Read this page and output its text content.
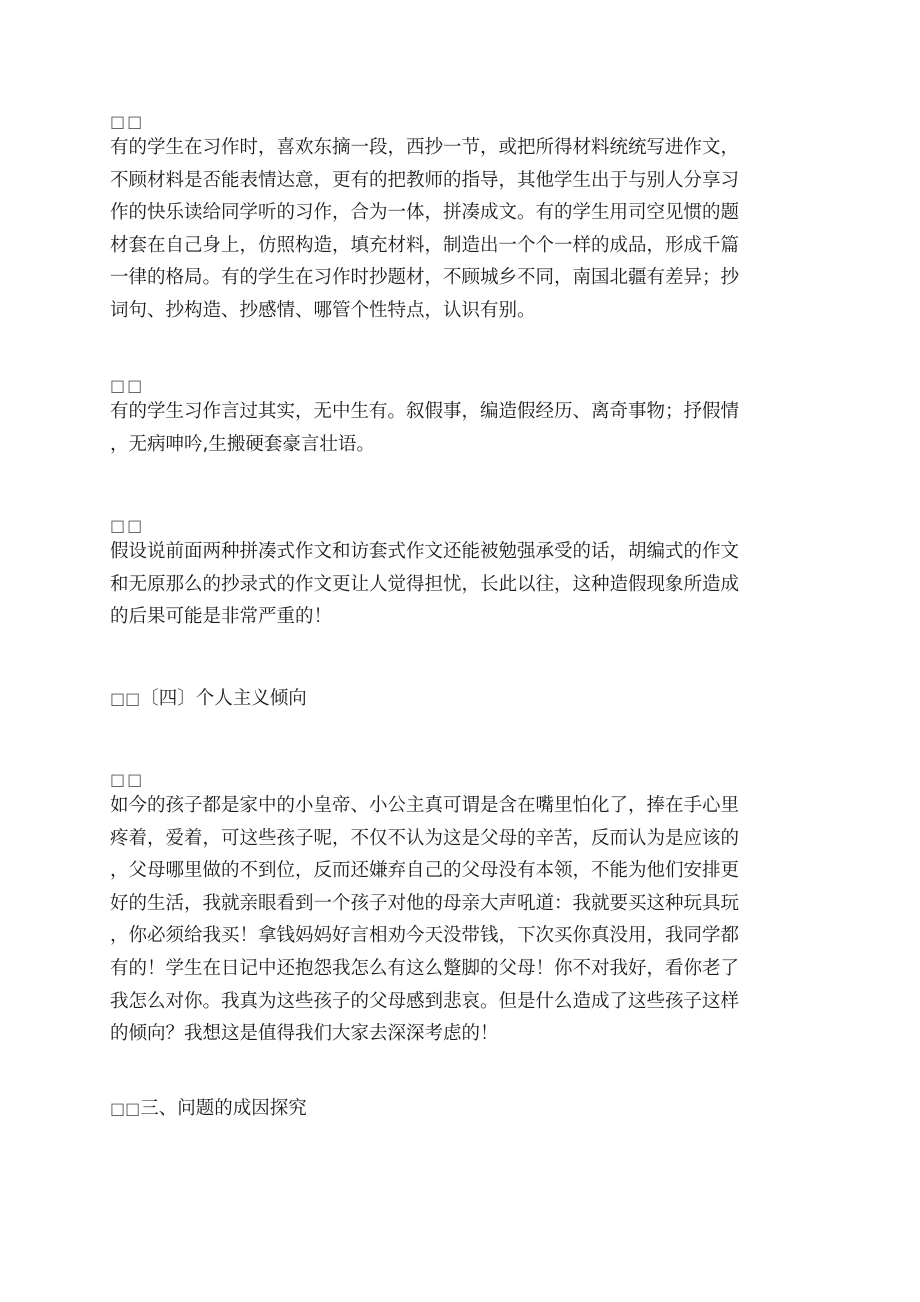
□□

有的学生在习作时，喜欢东摘一段，西抄一节，或把所得材料统统写进作文，
不顾材料是否能表情达意，更有的把教师的指导，其他学生出于与别人分享习
作的快乐读给同学听的习作，合为一体，拼凑成文。有的学生用司空见惯的题
材套在自己身上，仿照构造，填充材料，制造出一个个一样的成品，形成千篇
一律的格局。有的学生在习作时抄题材，不顾城乡不同，南国北疆有差异；抄
词句、抄构造、抄感情、哪管个性特点，认识有别。

□□

有的学生习作言过其实，无中生有。叙假事，编造假经历、离奇事物；抒假情
，无病呻吟,生搬硬套豪言壮语。

□□

假设说前面两种拼凑式作文和访套式作文还能被勉强承受的话，胡编式的作文
和无原那么的抄录式的作文更让人觉得担忧，长此以往，这种造假现象所造成
的后果可能是非常严重的！

□□〔四〕个人主义倾向
□□

如今的孩子都是家中的小皇帝、小公主真可谓是含在嘴里怕化了，捧在手心里
疼着，爱着，可这些孩子呢，不仅不认为这是父母的辛苦，反而认为是应该的
，父母哪里做的不到位，反而还嫌弃自己的父母没有本领，不能为他们安排更
好的生活，我就亲眼看到一个孩子对他的母亲大声吼道：我就要买这种玩具玩
，你必须给我买！拿钱妈妈好言相劝今天没带钱，下次买你真没用，我同学都
有的！学生在日记中还抱怨我怎么有这么蹩脚的父母！你不对我好，看你老了
我怎么对你。我真为这些孩子的父母感到悲哀。但是什么造成了这些孩子这样
的倾向？我想这是值得我们大家去深深考虑的！

□□三、问题的成因探究
